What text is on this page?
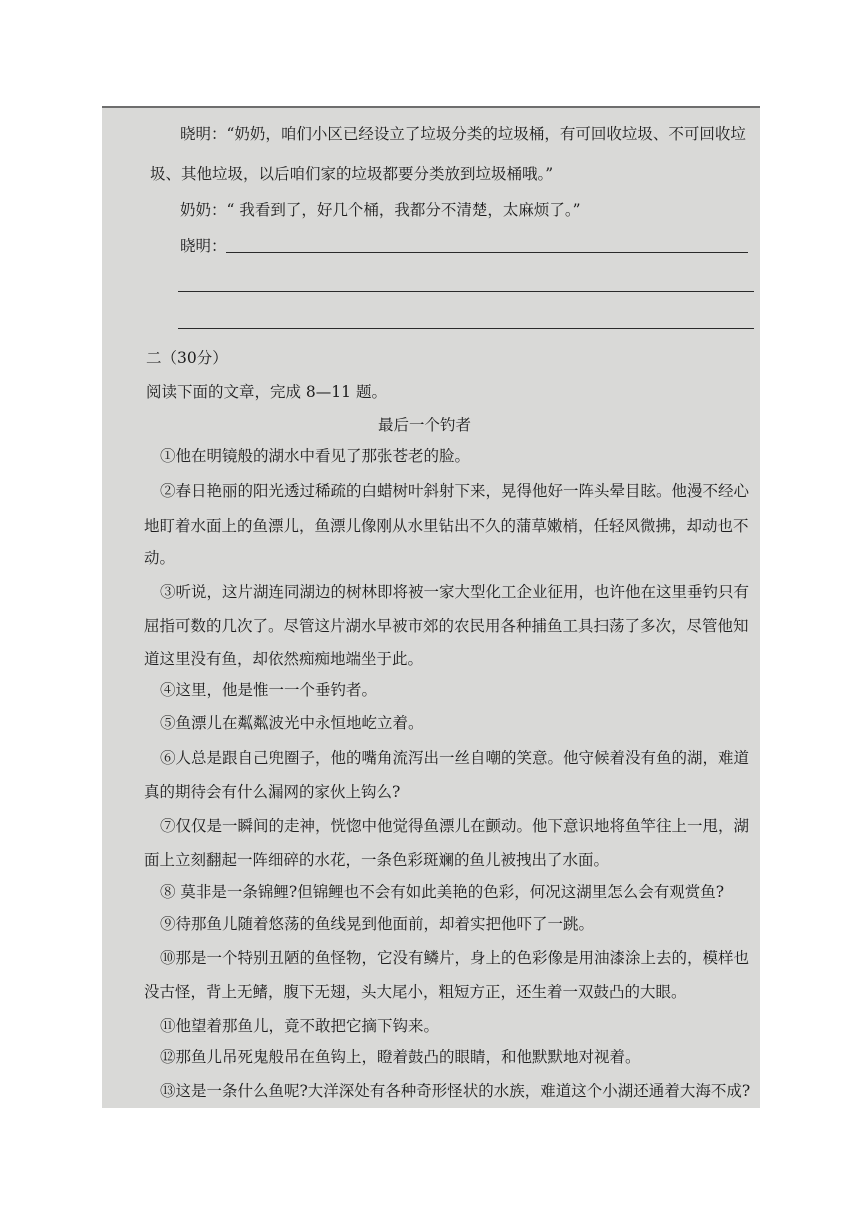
晓明：“奶奶，咱们小区已经设立了垃圾分类的垃圾桶，有可回收垃圾、不可回收垃
圾、其他垃圾，以后咱们家的垃圾都要分类放到垃圾桶哦。”
奶奶：“ 我看到了，好几个桶，我都分不清楚，太麻烦了。”
晓明：
二（30分）
阅读下面的文章，完成 8—11 题。
最后一个钓者
①他在明镜般的湖水中看见了那张苍老的脸。
②春日艳丽的阳光透过稀疏的白蜡树叶斜射下来，晃得他好一阵头晕目眩。他漫不经心
地盯着水面上的鱼漂儿，鱼漂儿像刚从水里钻出不久的蒲草嫩梢，任轻风微拂，却动也不
动。
③听说，这片湖连同湖边的树林即将被一家大型化工企业征用，也许他在这里垂钓只有
屈指可数的几次了。尽管这片湖水早被市郊的农民用各种捕鱼工具扫荡了多次，尽管他知
道这里没有鱼，却依然痴痴地端坐于此。
④这里，他是惟一一个垂钓者。
⑤鱼漂儿在粼粼波光中永恒地屹立着。
⑥人总是跟自己兜圈子，他的嘴角流泻出一丝自嘲的笑意。他守候着没有鱼的湖，难道
真的期待会有什么漏网的家伙上钩么?
⑦仅仅是一瞬间的走神，恍惚中他觉得鱼漂儿在颤动。他下意识地将鱼竿往上一甩，湖
面上立刻翻起一阵细碎的水花，一条色彩斑斓的鱼儿被拽出了水面。
⑧ 莫非是一条锦鲤?但锦鲤也不会有如此美艳的色彩，何况这湖里怎么会有观赏鱼?
⑨待那鱼儿随着悠荡的鱼线晃到他面前，却着实把他吓了一跳。
⑩那是一个特别丑陋的鱼怪物，它没有鳞片，身上的色彩像是用油漆涂上去的，模样也
没古怪，背上无鳍，腹下无翅，头大尾小，粗短方正，还生着一双鼓凸的大眼。
⑪他望着那鱼儿，竟不敢把它摘下钩来。
⑫那鱼儿吊死鬼般吊在鱼钩上，瞪着鼓凸的眼睛，和他默默地对视着。
⑬这是一条什么鱼呢?大洋深处有各种奇形怪状的水族，难道这个小湖还通着大海不成?
